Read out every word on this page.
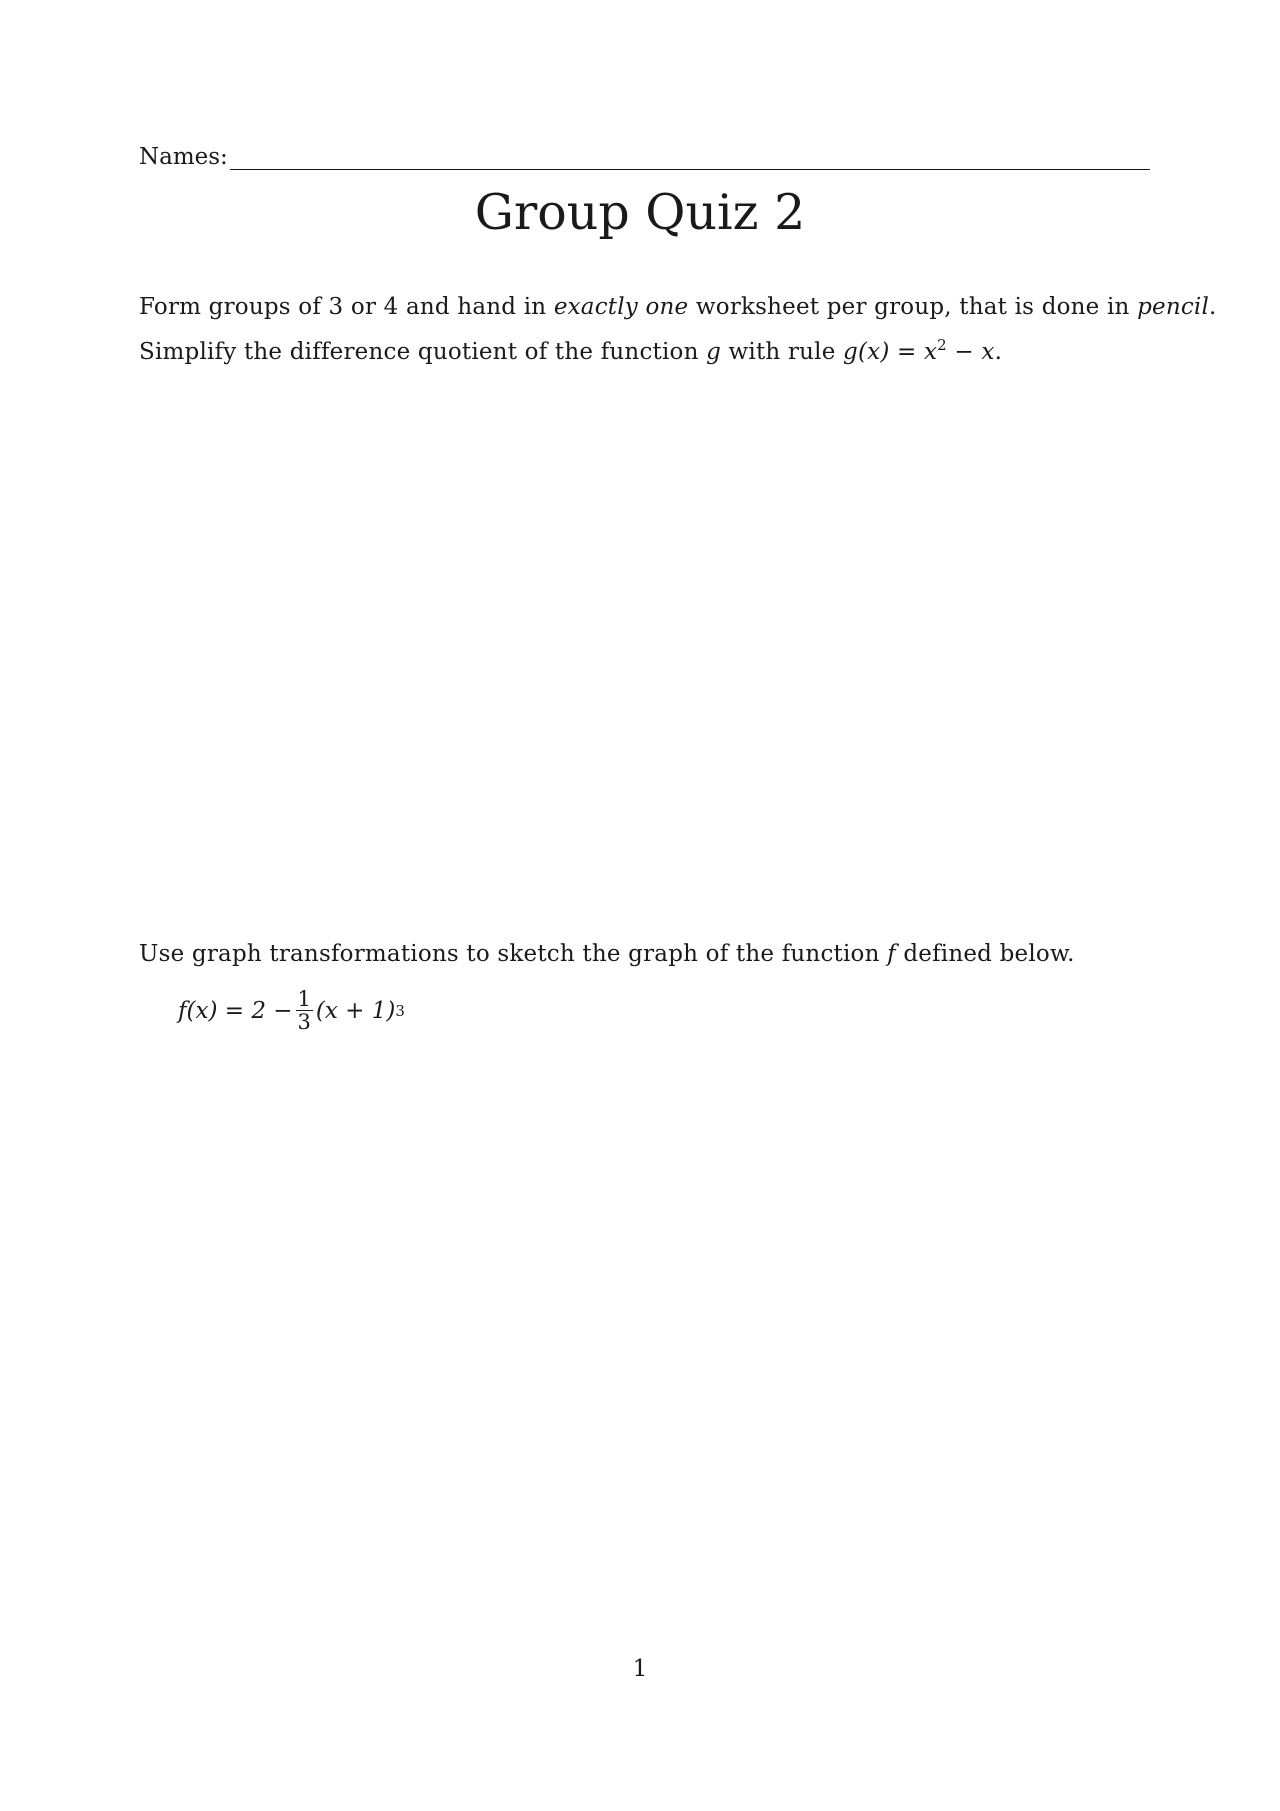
Names:
Group Quiz 2

Form groups of 3 or 4 and hand in exactly one worksheet per group, that is done in pencil.

Simplify the difference quotient of the function g with rule $g(x) = x^2 - x$.

Use graph transformations to sketch the graph of the function f defined below.

$f(x) = 2 - \frac{1}{3} (x + 1)$ 3
1
